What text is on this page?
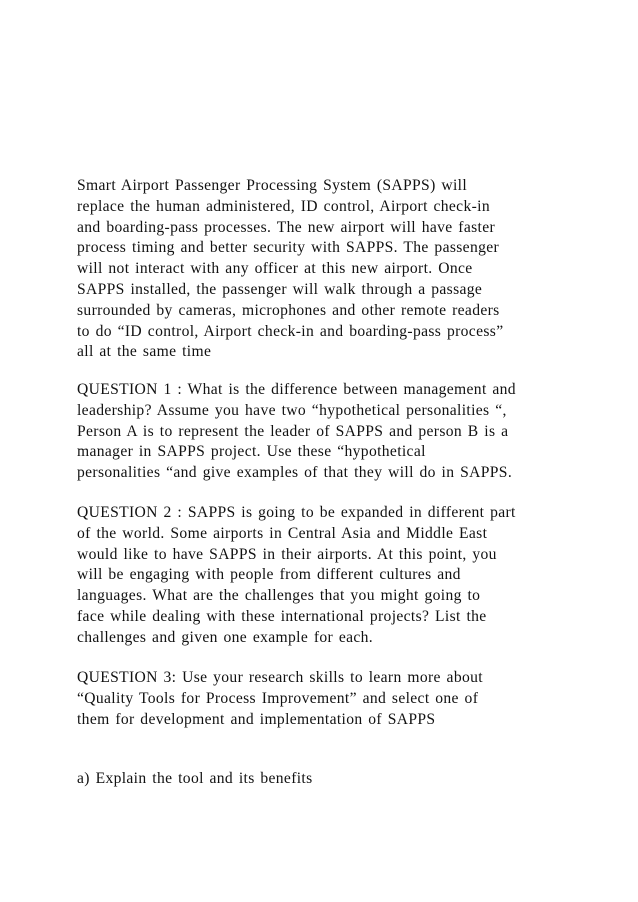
Smart Airport Passenger Processing System (SAPPS) will
replace the human administered, ID control, Airport check-in
and boarding-pass processes. The new airport will have faster
process timing and better security with SAPPS. The passenger
will not interact with any officer at this new airport. Once
SAPPS installed, the passenger will walk through a passage
surrounded by cameras, microphones and other remote readers
to do “ID control, Airport check-in and boarding-pass process”
all at the same time
QUESTION 1 : What is the difference between management and
leadership? Assume you have two “hypothetical personalities “,
Person A is to represent the leader of SAPPS and person B is a
manager in SAPPS project. Use these “hypothetical
personalities “and give examples of that they will do in SAPPS.
QUESTION 2 : SAPPS is going to be expanded in different part
of the world. Some airports in Central Asia and Middle East
would like to have SAPPS in their airports. At this point, you
will be engaging with people from different cultures and
languages. What are the challenges that you might going to
face while dealing with these international projects? List the
challenges and given one example for each.
QUESTION 3: Use your research skills to learn more about
“Quality Tools for Process Improvement” and select one of
them for development and implementation of SAPPS
a) Explain the tool and its benefits
